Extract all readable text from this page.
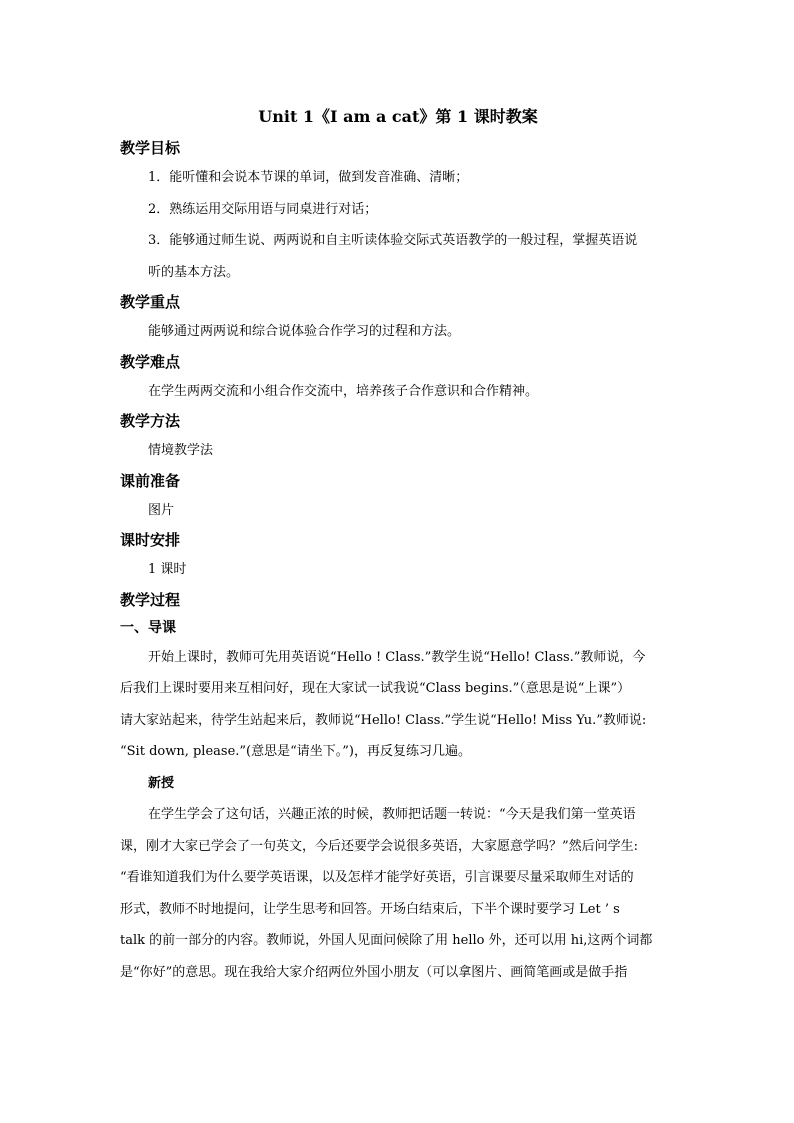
Unit 1《I am a cat》第 1 课时教案
教学目标
1．能听懂和会说本节课的单词，做到发音准确、清晰；
2．熟练运用交际用语与同桌进行对话；
3．能够通过师生说、两两说和自主听读体验交际式英语教学的一般过程，掌握英语说
听的基本方法。
教学重点
能够通过两两说和综合说体验合作学习的过程和方法。
教学难点
在学生两两交流和小组合作交流中，培养孩子合作意识和合作精神。
教学方法
情境教学法
课前准备
图片
课时安排
1 课时
教学过程
一、导课
开始上课时，教师可先用英语说“Hello ! Class.”教学生说“Hello! Class.”教师说，今
后我们上课时要用来互相问好，现在大家试一试我说“Class begins.”（意思是说“上课”）
请大家站起来，待学生站起来后，教师说“Hello! Class.”学生说“Hello! Miss Yu.”教师说:
“Sit down, please.”(意思是“请坐下。”)，再反复练习几遍。
新授
在学生学会了这句话，兴趣正浓的时候，教师把话题一转说：“今天是我们第一堂英语
课，刚才大家已学会了一句英文，今后还要学会说很多英语，大家愿意学吗？”然后问学生:
“看谁知道我们为什么要学英语课，以及怎样才能学好英语，引言课要尽量采取师生对话的
形式，教师不时地提问，让学生思考和回答。开场白结束后，下半个课时要学习 Let ’ s
talk 的前一部分的内容。教师说，外国人见面问候除了用 hello 外，还可以用 hi,这两个词都
是“你好”的意思。现在我给大家介绍两位外国小朋友（可以拿图片、画简笔画或是做手指
